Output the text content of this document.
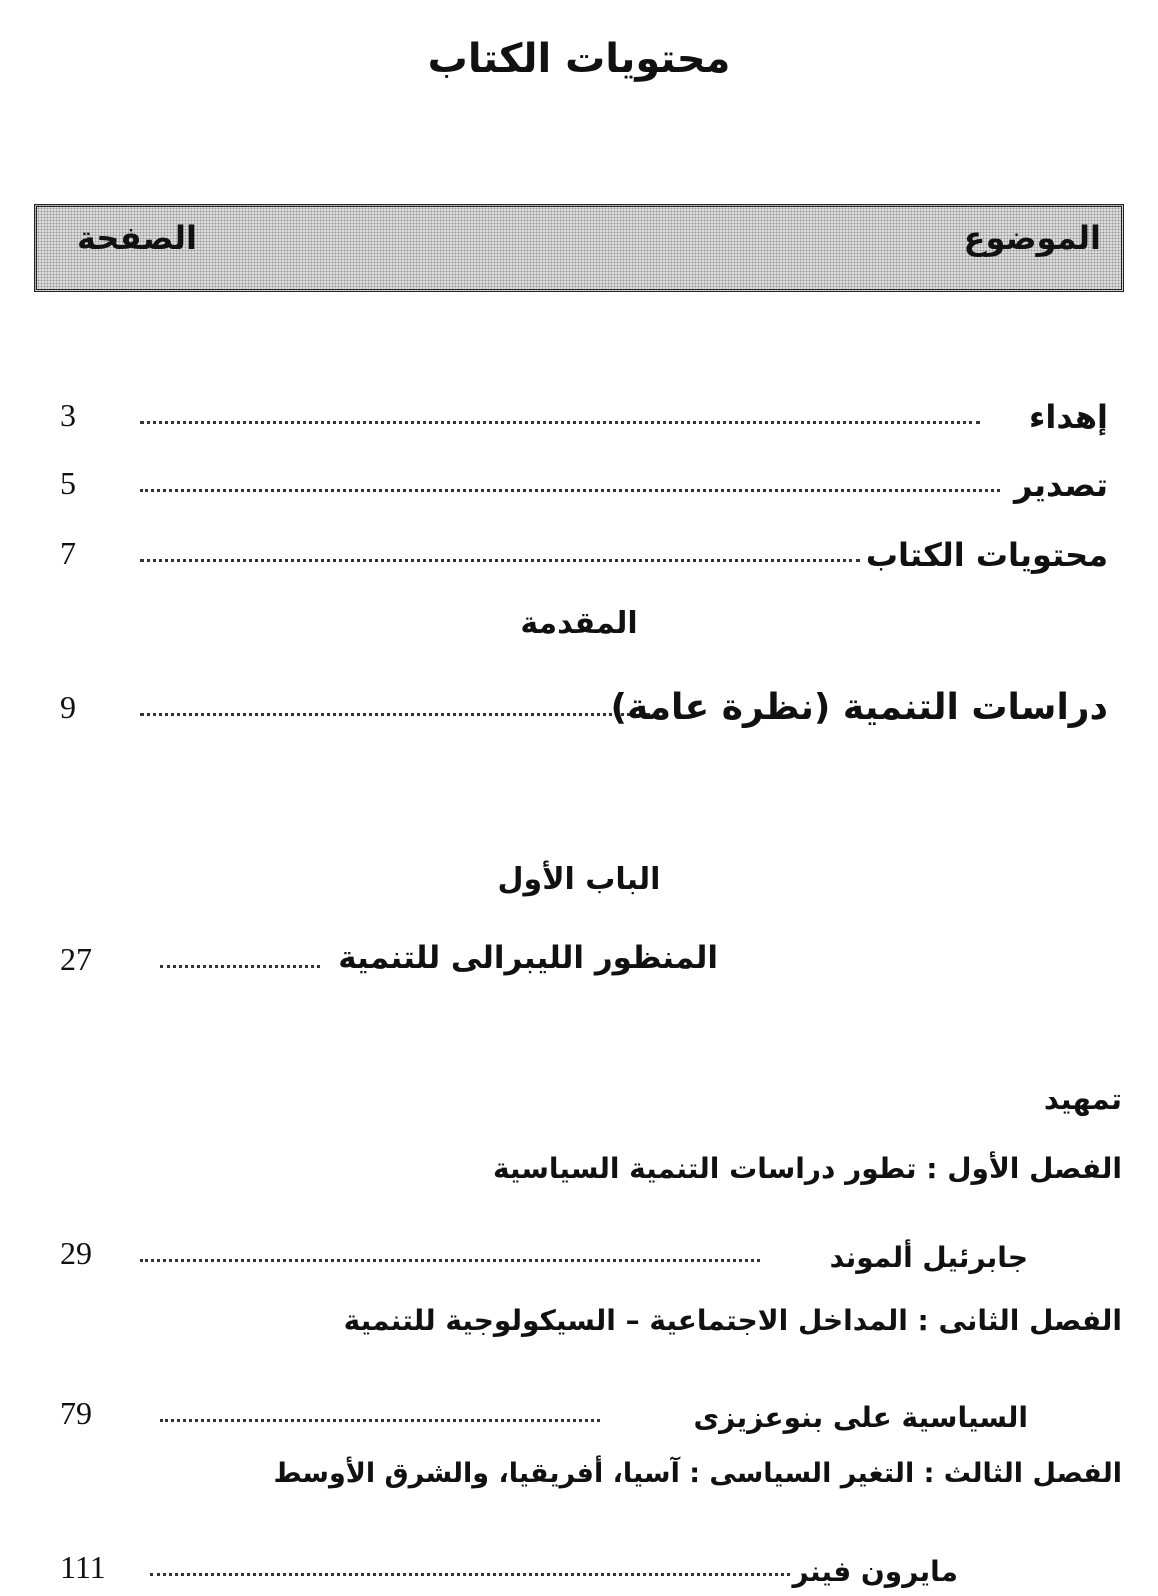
محتويات الكتاب
الموضوع
الصفحة
3	إهداء
5	تصدير
7	محتويات الكتاب
المقدمة
9	دراسات التنمية (نظرة عامة)
الباب الأول
27	المنظور الليبرالى للتنمية
تمهيد
الفصل الأول : تطور دراسات التنمية السياسية
29	جابرئيل ألموند
الفصل الثانى : المداخل الاجتماعية – السيكولوجية للتنمية
79	السياسية على بنوعزيزى
الفصل الثالث : التغير السياسى : آسيا، أفريقيا، والشرق الأوسط
111	مايرون فينر
